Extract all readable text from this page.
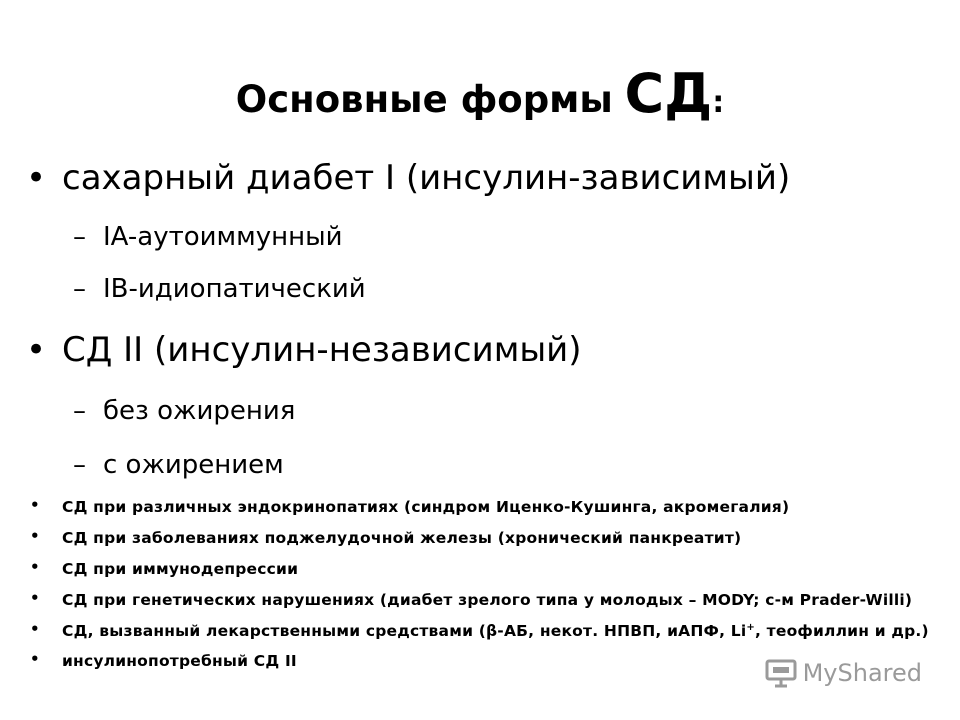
Основные формы СД:
• сахарный диабет I (инсулин-зависимый)
– IA-аутоиммунный
– IB-идиопатический
• СД II (инсулин-независимый)
– без ожирения
– с ожирением
• СД при различных эндокринопатиях (синдром Иценко-Кушинга, акромегалия)
• СД при заболеваниях поджелудочной железы (хронический панкреатит)
• СД при иммунодепрессии
• СД при генетических нарушениях (диабет зрелого типа у молодых – MODY; с-м Prader-Willi)
• СД, вызванный лекарственными средствами (β-АБ, некот. НПВП, иАПФ, Li+, теофиллин и др.)
• инсулинопотребный СД II	MyShared
